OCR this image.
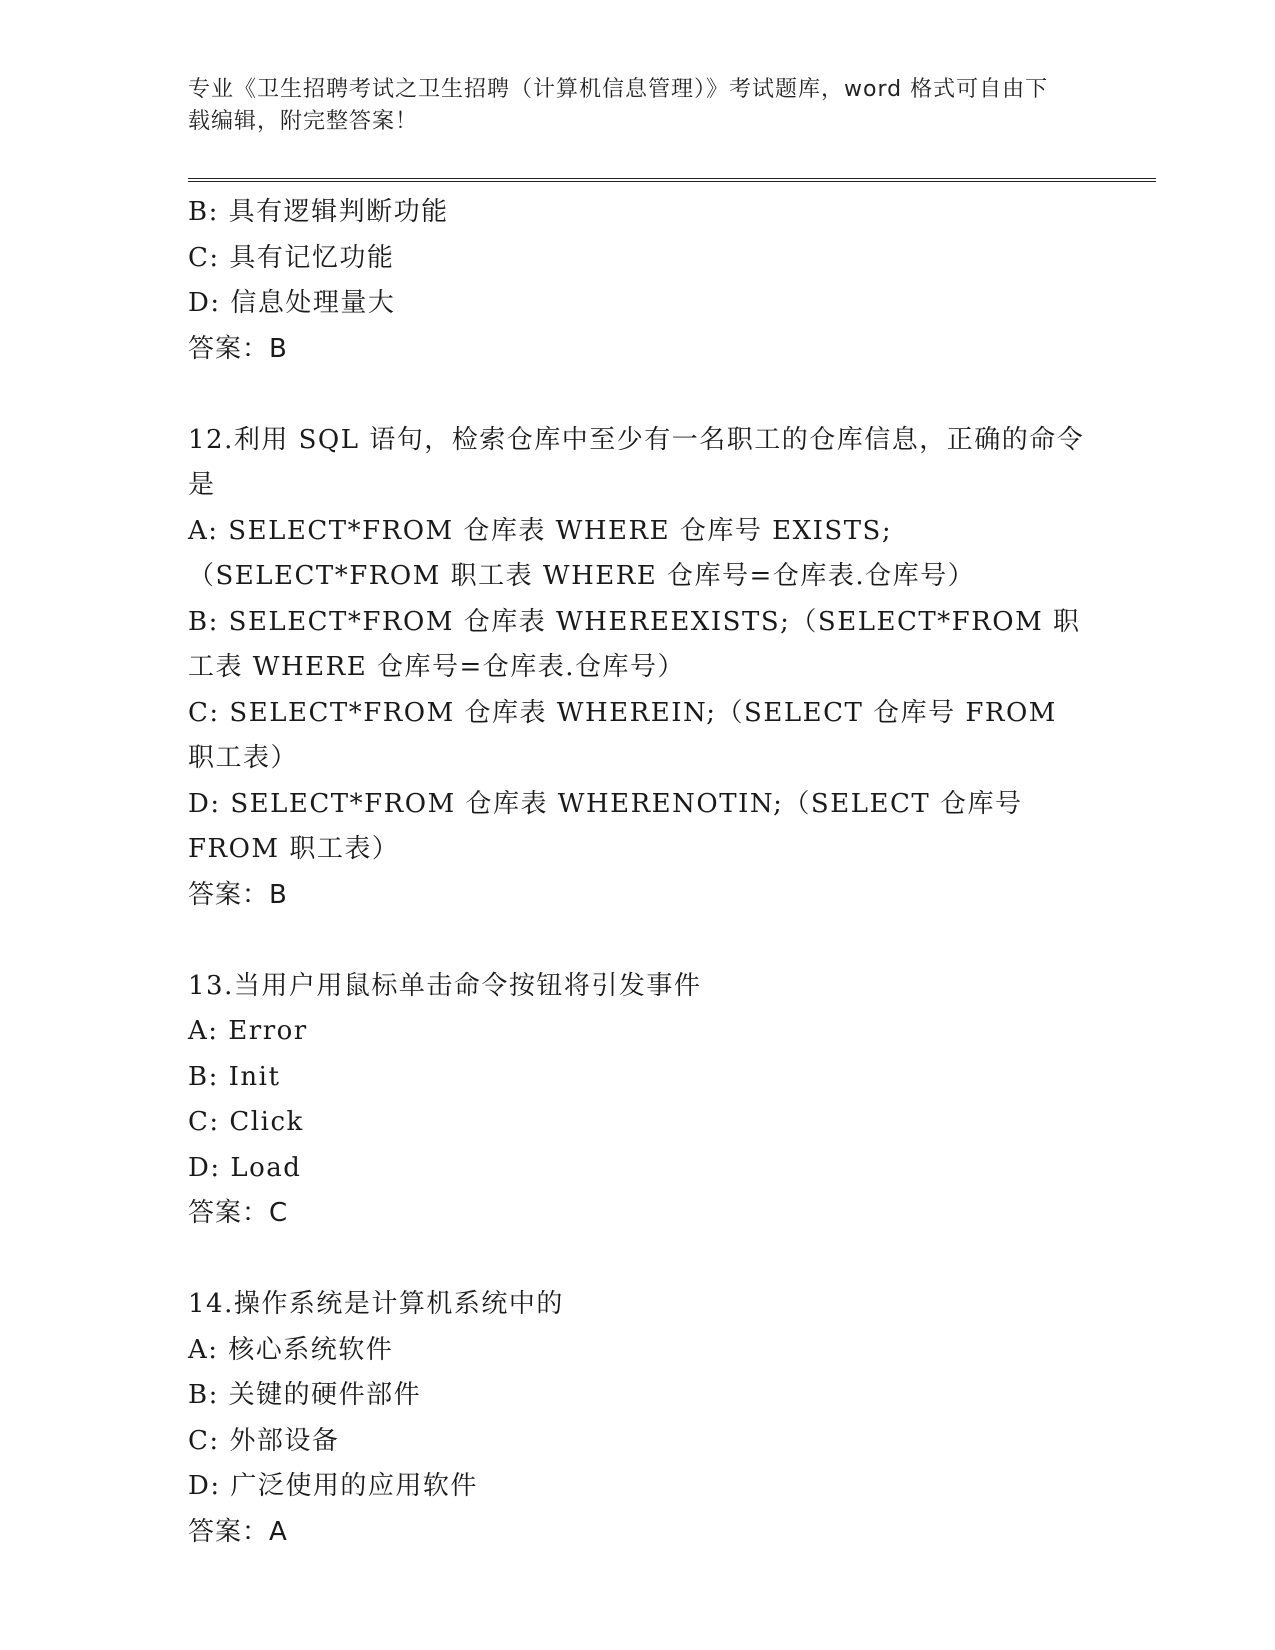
专业《卫生招聘考试之卫生招聘（计算机信息管理）》考试题库，word 格式可自由下载编辑，附完整答案！
B: 具有逻辑判断功能
C: 具有记忆功能
D: 信息处理量大
答案：B
12.利用 SQL 语句，检索仓库中至少有一名职工的仓库信息，正确的命令是
A: SELECT*FROM 仓库表 WHERE 仓库号 EXISTS;（SELECT*FROM 职工表 WHERE 仓库号=仓库表.仓库号）
B: SELECT*FROM 仓库表 WHEREEXISTS;（SELECT*FROM 职工表 WHERE 仓库号=仓库表.仓库号）
C: SELECT*FROM 仓库表 WHEREIN;（SELECT 仓库号 FROM 职工表）
D: SELECT*FROM 仓库表 WHERENOTIN;（SELECT 仓库号 FROM 职工表）
答案：B
13.当用户用鼠标单击命令按钮将引发事件
A: Error
B: Init
C: Click
D: Load
答案：C
14.操作系统是计算机系统中的
A: 核心系统软件
B: 关键的硬件部件
C: 外部设备
D: 广泛使用的应用软件
答案：A
